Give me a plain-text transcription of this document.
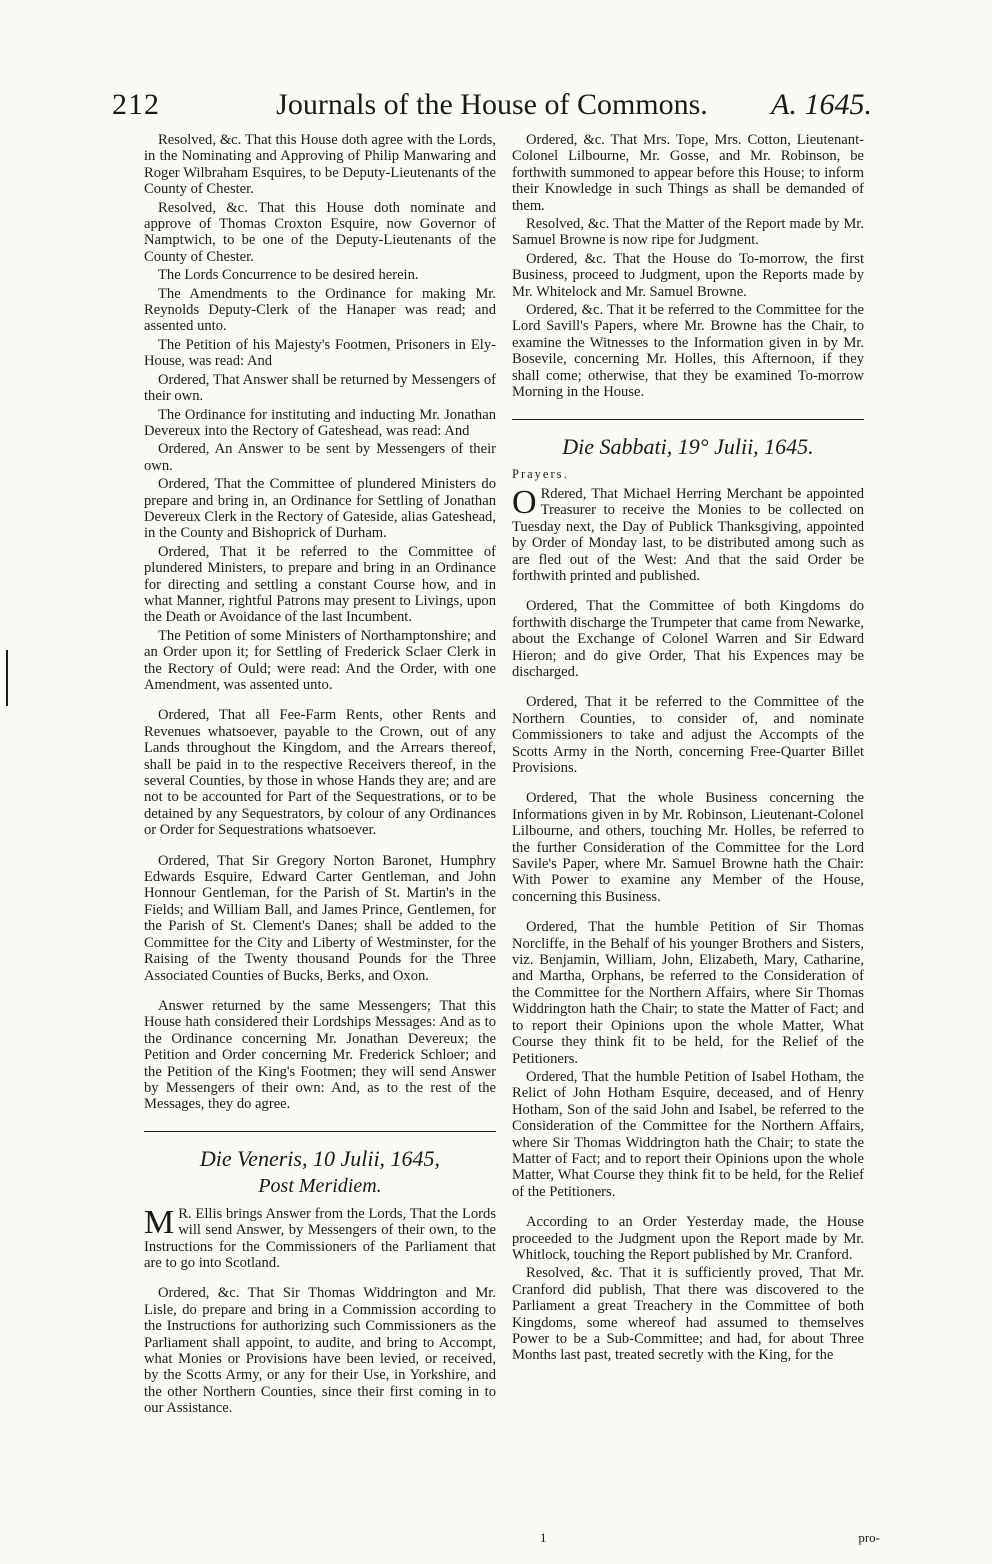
212	Journals of the House of Commons.	A. 1645.

Resolved, &c. That this House doth agree with the Lords, in the Nominating and Approving of Philip Manwaring and Roger Wilbraham Esquires, to be Deputy-Lieutenants of the County of Chester.

Resolved, &c. That this House doth nominate and approve of Thomas Croxton Esquire, now Governor of Namptwich, to be one of the Deputy-Lieutenants of the County of Chester.

The Lords Concurrence to be desired herein.

The Amendments to the Ordinance for making Mr. Reynolds Deputy-Clerk of the Hanaper was read; and assented unto.

The Petition of his Majesty's Footmen, Prisoners in Ely-House, was read: And

Ordered, That Answer shall be returned by Messengers of their own.

The Ordinance for instituting and inducting Mr. Jonathan Devereux into the Rectory of Gateshead, was read: And

Ordered, An Answer to be sent by Messengers of their own.

Ordered, That the Committee of plundered Ministers do prepare and bring in, an Ordinance for Settling of Jonathan Devereux Clerk in the Rectory of Gateside, alias Gateshead, in the County and Bishoprick of Durham.

Ordered, That it be referred to the Committee of plundered Ministers, to prepare and bring in an Ordinance for directing and settling a constant Course how, and in what Manner, rightful Patrons may present to Livings, upon the Death or Avoidance of the last Incumbent.

The Petition of some Ministers of Northamptonshire; and an Order upon it; for Settling of Frederick Sclaer Clerk in the Rectory of Ould; were read: And the Order, with one Amendment, was assented unto.

Ordered, That all Fee-Farm Rents, other Rents and Revenues whatsoever, payable to the Crown, out of any Lands throughout the Kingdom, and the Arrears thereof, shall be paid in to the respective Receivers thereof, in the several Counties, by those in whose Hands they are; and are not to be accounted for Part of the Sequestrations, or to be detained by any Sequestrators, by colour of any Ordinances or Order for Sequestrations whatsoever.

Ordered, That Sir Gregory Norton Baronet, Humphry Edwards Esquire, Edward Carter Gentleman, and John Honnour Gentleman, for the Parish of St. Martin's in the Fields; and William Ball, and James Prince, Gentlemen, for the Parish of St. Clement's Danes; shall be added to the Committee for the City and Liberty of Westminster, for the Raising of the Twenty thousand Pounds for the Three Associated Counties of Bucks, Berks, and Oxon.

Answer returned by the same Messengers; That this House hath considered their Lordships Messages: And as to the Ordinance concerning Mr. Jonathan Devereux; the Petition and Order concerning Mr. Frederick Schloer; and the Petition of the King's Footmen; they will send Answer by Messengers of their own: And, as to the rest of the Messages, they do agree.

Die Veneris, 10 Julii, 1645,
Post Meridiem.

M R. Ellis brings Answer from the Lords, That the Lords will send Answer, by Messengers of their own, to the Instructions for the Commissioners of the Parliament that are to go into Scotland.

Ordered, &c. That Sir Thomas Widdrington and Mr. Lisle, do prepare and bring in a Commission according to the Instructions for authorizing such Commissioners as the Parliament shall appoint, to audite, and bring to Accompt, what Monies or Provisions have been levied, or received, by the Scotts Army, or any for their Use, in Yorkshire, and the other Northern Counties, since their first coming in to our Assistance.

Ordered, &c. That Mrs. Tope, Mrs. Cotton, Lieutenant-Colonel Lilbourne, Mr. Gosse, and Mr. Robinson, be forthwith summoned to appear before this House; to inform their Knowledge in such Things as shall be demanded of them.

Resolved, &c. That the Matter of the Report made by Mr. Samuel Browne is now ripe for Judgment.

Ordered, &c. That the House do To-morrow, the first Business, proceed to Judgment, upon the Reports made by Mr. Whitelock and Mr. Samuel Browne.

Ordered, &c. That it be referred to the Committee for the Lord Savill's Papers, where Mr. Browne has the Chair, to examine the Witnesses to the Information given in by Mr. Bosevile, concerning Mr. Holles, this Afternoon, if they shall come; otherwise, that they be examined To-morrow Morning in the House.

Die Sabbati, 19° Julii, 1645.
Prayers.

O Rdered, That Michael Herring Merchant be appointed Treasurer to receive the Monies to be collected on Tuesday next, the Day of Publick Thanksgiving, appointed by Order of Monday last, to be distributed among such as are fled out of the West: And that the said Order be forthwith printed and published.

Ordered, That the Committee of both Kingdoms do forthwith discharge the Trumpeter that came from Newarke, about the Exchange of Colonel Warren and Sir Edward Hieron; and do give Order, That his Expences may be discharged.

Ordered, That it be referred to the Committee of the Northern Counties, to consider of, and nominate Commissioners to take and adjust the Accompts of the Scotts Army in the North, concerning Free-Quarter Billet Provisions.

Ordered, That the whole Business concerning the Informations given in by Mr. Robinson, Lieutenant-Colonel Lilbourne, and others, touching Mr. Holles, be referred to the further Consideration of the Committee for the Lord Savile's Paper, where Mr. Samuel Browne hath the Chair: With Power to examine any Member of the House, concerning this Business.

Ordered, That the humble Petition of Sir Thomas Norcliffe, in the Behalf of his younger Brothers and Sisters, viz. Benjamin, William, John, Elizabeth, Mary, Catharine, and Martha, Orphans, be referred to the Consideration of the Committee for the Northern Affairs, where Sir Thomas Widdrington hath the Chair; to state the Matter of Fact; and to report their Opinions upon the whole Matter, What Course they think fit to be held, for the Relief of the Petitioners.

Ordered, That the humble Petition of Isabel Hotham, the Relict of John Hotham Esquire, deceased, and of Henry Hotham, Son of the said John and Isabel, be referred to the Consideration of the Committee for the Northern Affairs, where Sir Thomas Widdrington hath the Chair; to state the Matter of Fact; and to report their Opinions upon the whole Matter, What Course they think fit to be held, for the Relief of the Petitioners.

According to an Order Yesterday made, the House proceeded to the Judgment upon the Report made by Mr. Whitlock, touching the Report published by Mr. Cranford.

Resolved, &c. That it is sufficiently proved, That Mr. Cranford did publish, That there was discovered to the Parliament a great Treachery in the Committee of both Kingdoms, some whereof had assumed to themselves Power to be a Sub-Committee; and had, for about Three Months last past, treated secretly with the King, for the

1	pro-
